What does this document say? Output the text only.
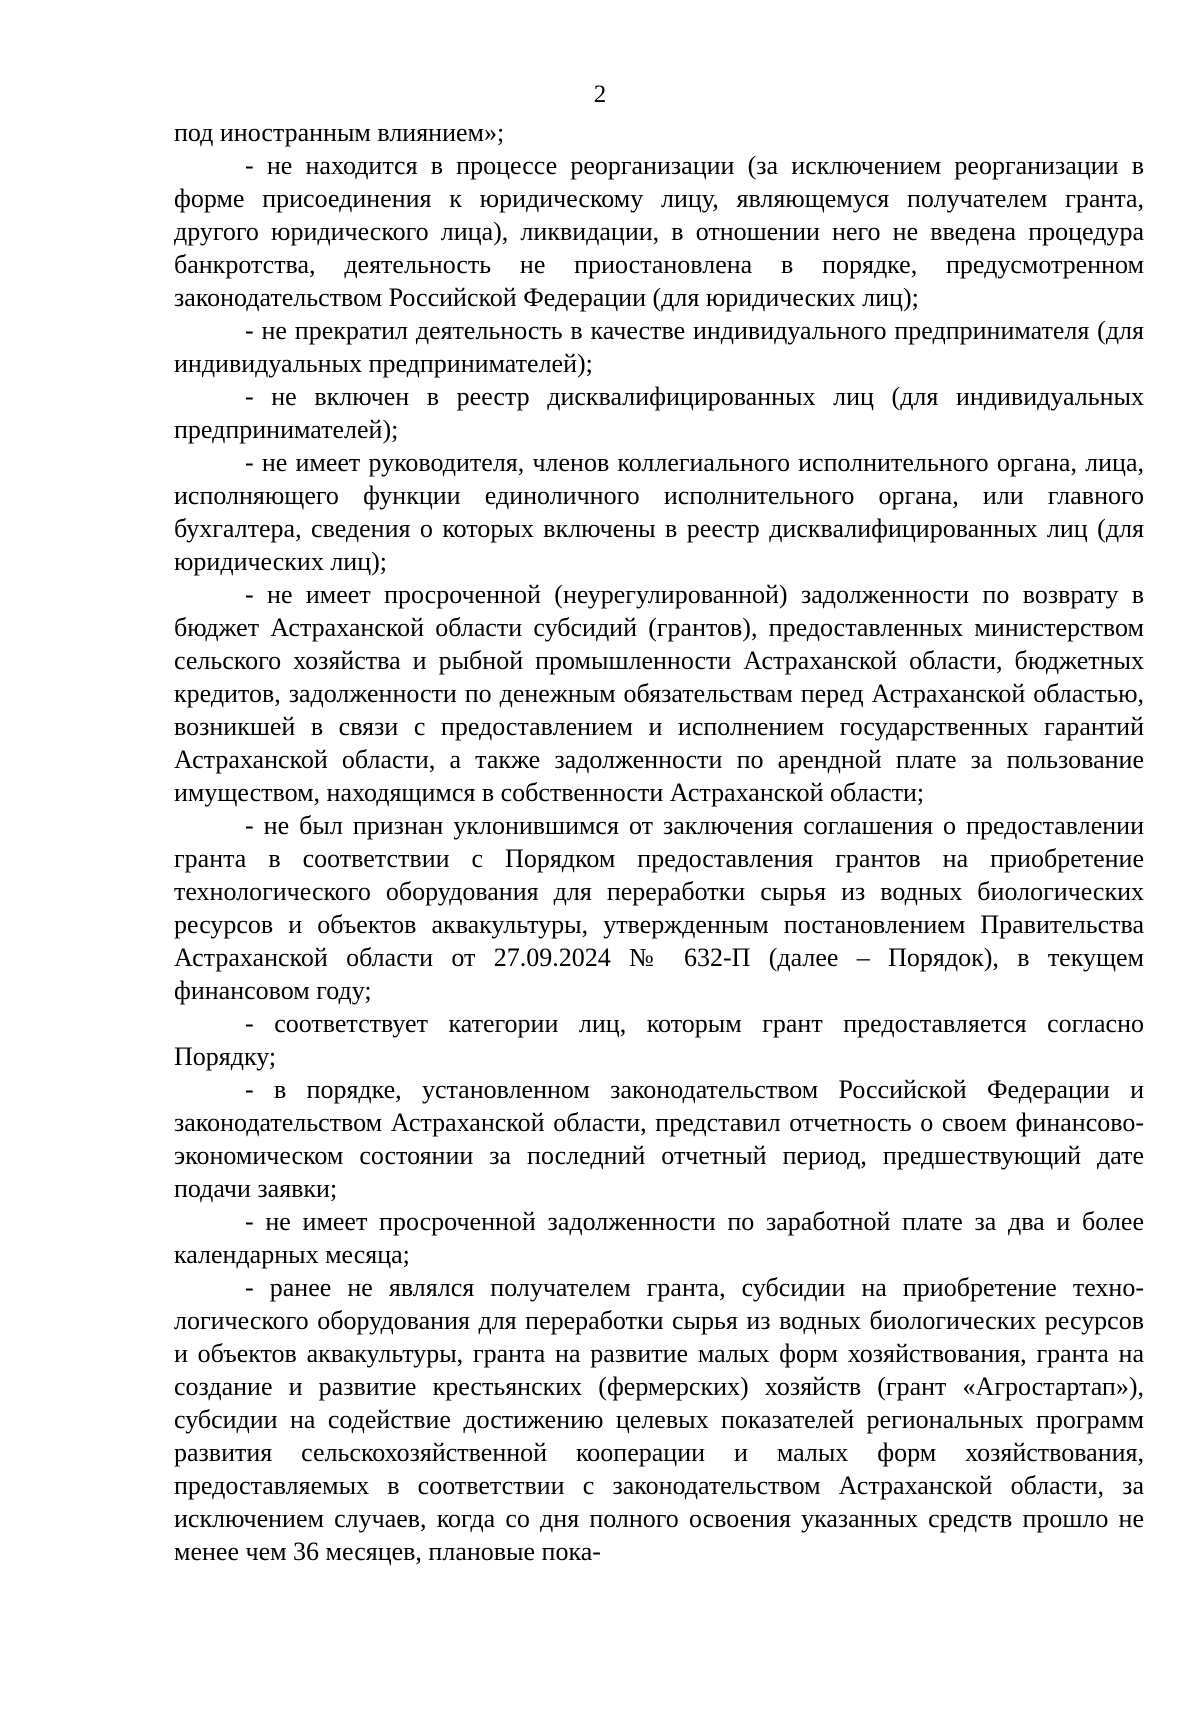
2

под иностранным влиянием»;

- не находится в процессе реорганизации (за исключением реорганизации в форме присоединения к юридическому лицу, являющемуся получателем гранта, другого юридического лица), ликвидации, в отношении него не введена процедура банкротства, деятельность не приостановлена в порядке, предусмотренном законодательством Российской Федерации (для юридических лиц);

- не прекратил деятельность в качестве индивидуального предпринимателя (для индивидуальных предпринимателей);

- не включен в реестр дисквалифицированных лиц (для индивидуальных предпринимателей);

- не имеет руководителя, членов коллегиального исполнительного органа, лица, исполняющего функции единоличного исполнительного органа, или главного бухгалтера, сведения о которых включены в реестр дисквалифицированных лиц (для юридических лиц);

- не имеет просроченной (неурегулированной) задолженности по возврату в бюджет Астраханской области субсидий (грантов), предоставленных министерством сельского хозяйства и рыбной промышленности Астраханской области, бюджетных кредитов, задолженности по денежным обязательствам перед Астраханской областью, возникшей в связи с предоставлением и исполнением государственных гарантий Астраханской области, а также задолженности по арендной плате за пользование имуществом, находящимся в собственности Астраханской области;

- не был признан уклонившимся от заключения соглашения о предоставлении гранта в соответствии с Порядком предоставления грантов на приобретение технологического оборудования для переработки сырья из водных биологических ресурсов и объектов аквакультуры, утвержденным постановлением Правительства Астраханской области от 27.09.2024 № 632-П (далее – Порядок), в текущем финансовом году;

- соответствует категории лиц, которым грант предоставляется согласно Порядку;

- в порядке, установленном законодательством Российской Федерации и законодательством Астраханской области, представил отчетность о своем финансово-экономическом состоянии за последний отчетный период, предшествующий дате подачи заявки;

- не имеет просроченной задолженности по заработной плате за два и более календарных месяца;

- ранее не являлся получателем гранта, субсидии на приобретение технологического оборудования для переработки сырья из водных биологических ресурсов и объектов аквакультуры, гранта на развитие малых форм хозяйствования, гранта на создание и развитие крестьянских (фермерских) хозяйств (грант «Агростартап»), субсидии на содействие достижению целевых показателей региональных программ развития сельскохозяйственной кооперации и малых форм хозяйствования, предоставляемых в соответствии с законодательством Астраханской области, за исключением случаев, когда со дня полного освоения указанных средств прошло не менее чем 36 месяцев, плановые пока-
